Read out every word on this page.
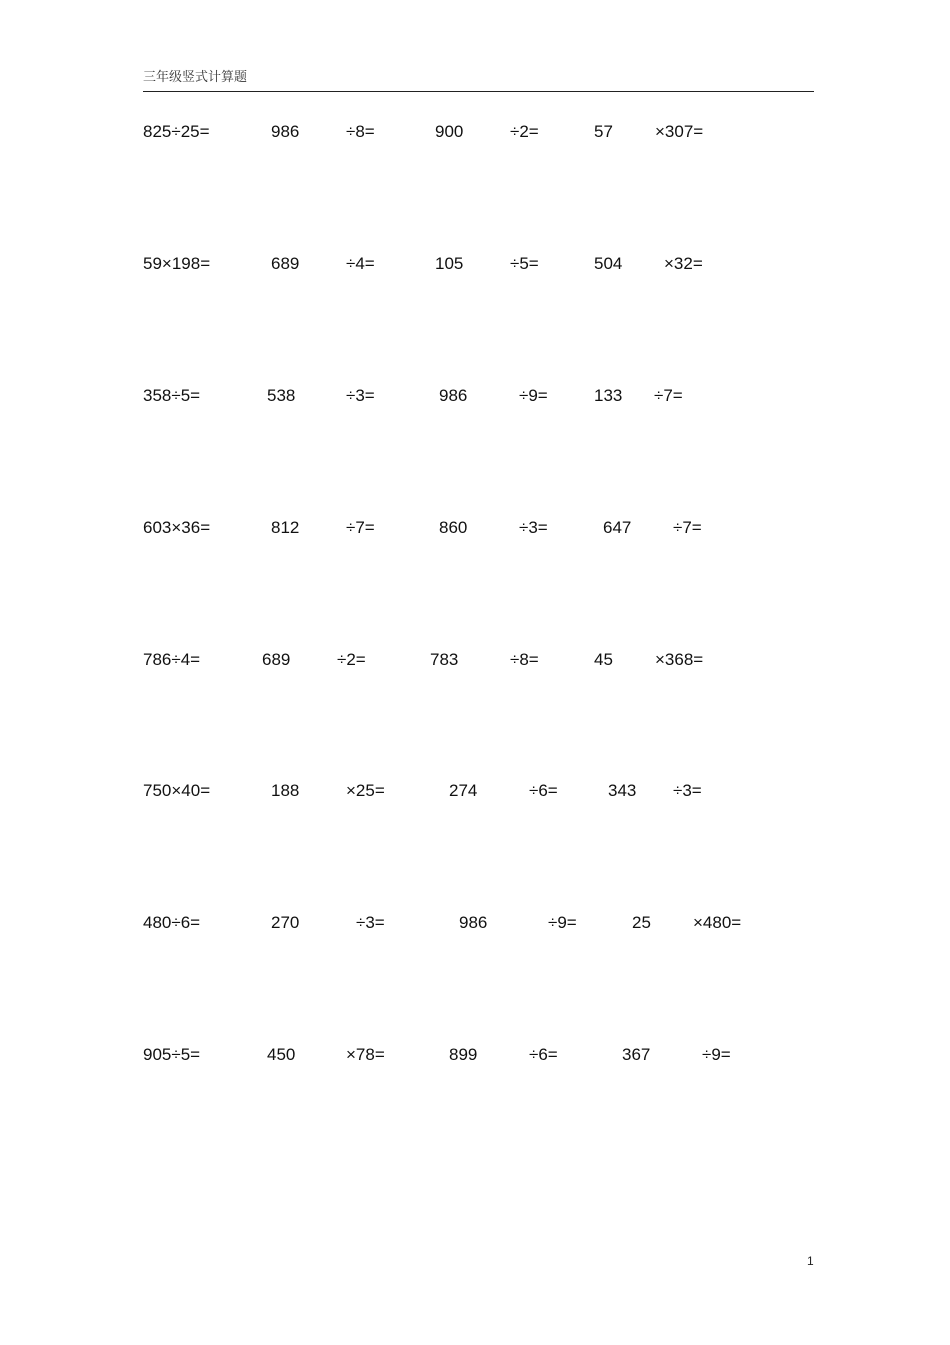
三年级竖式计算题
825÷25=	986	÷8=	900	÷2=	57 ×307=
59×198=	689	÷4=	105	÷5=	504 ×32=
358÷5=	538	÷3=	986	÷9=	133 ÷7=
603×36=	812	÷7=	860	÷3=	647 ÷7=
786÷4=	689	÷2=	783	÷8=	45 ×368=
750×40=	188	×25=	274	÷6=	343 ÷3=
480÷6=	270	÷3=	986	÷9=	25 ×480=
905÷5=	450	×78=	899	÷6=	367	÷9=
1
